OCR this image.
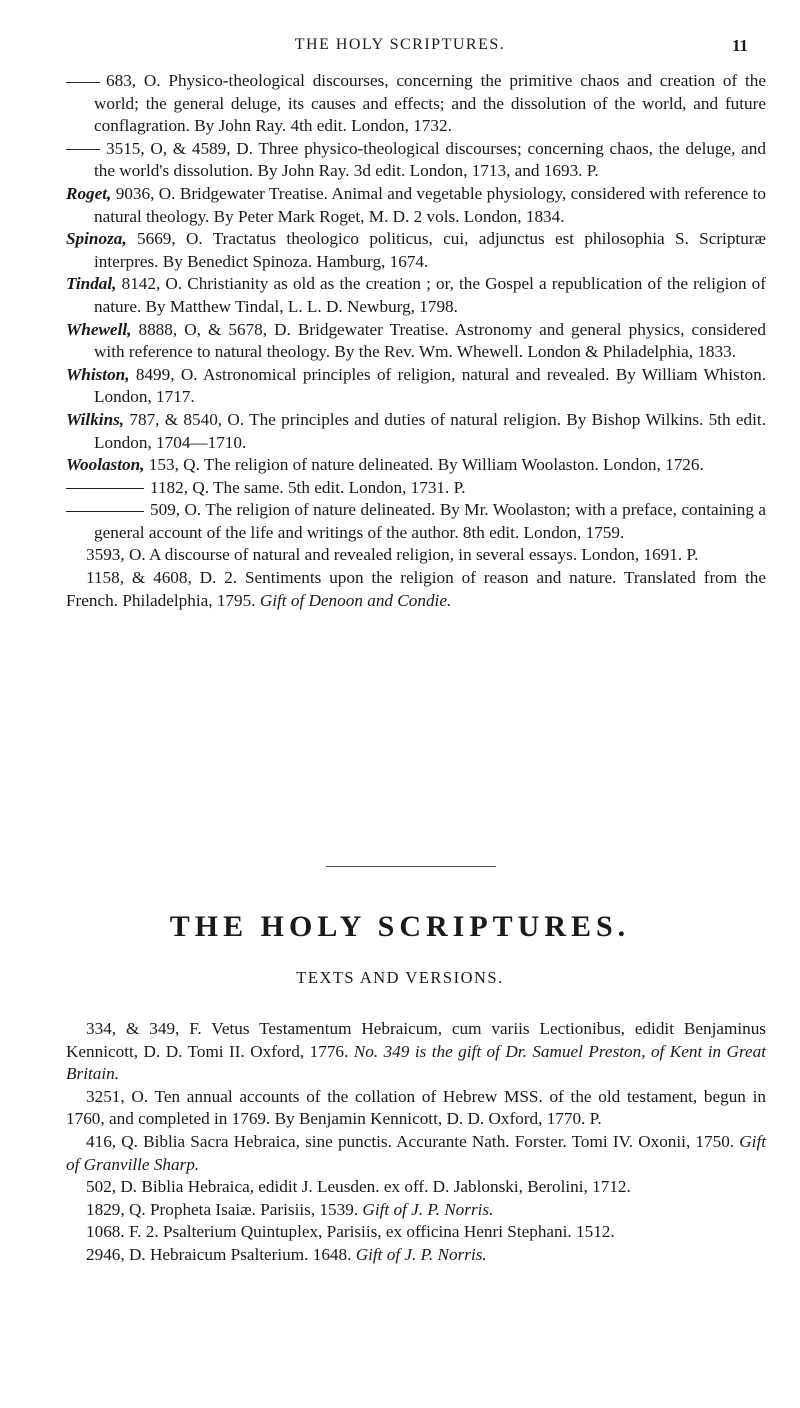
THE HOLY SCRIPTURES.	11

683, O. Physico-theological discourses, concerning the primitive chaos and creation of the world; the general deluge, its causes and effects; and the dissolution of the world, and future conflagration. By John Ray. 4th edit. London, 1732.

3515, O, & 4589, D. Three physico-theological discourses; concerning chaos, the deluge, and the world's dissolution. By John Ray. 3d edit. London, 1713, and 1693. P.

Roget, 9036, O. Bridgewater Treatise. Animal and vegetable physiology, considered with reference to natural theology. By Peter Mark Roget, M. D. 2 vols. London, 1834.

Spinoza, 5669, O. Tractatus theologico politicus, cui, adjunctus est philosophia S. Scripturæ interpres. By Benedict Spinoza. Hamburg, 1674.

Tindal, 8142, O. Christianity as old as the creation ; or, the Gospel a republication of the religion of nature. By Matthew Tindal, L. L. D. Newburg, 1798.

Whewell, 8888, O, & 5678, D. Bridgewater Treatise. Astronomy and general physics, considered with reference to natural theology. By the Rev. Wm. Whewell. London & Philadelphia, 1833.

Whiston, 8499, O. Astronomical principles of religion, natural and revealed. By William Whiston. London, 1717.

Wilkins, 787, & 8540, O. The principles and duties of natural religion. By Bishop Wilkins. 5th edit. London, 1704—1710.

Woolaston, 153, Q. The religion of nature delineated. By William Woolaston. London, 1726.

1182, Q. The same. 5th edit. London, 1731. P.

509, O. The religion of nature delineated. By Mr. Woolaston; with a preface, containing a general account of the life and writings of the author. 8th edit. London, 1759.

3593, O. A discourse of natural and revealed religion, in several essays. London, 1691. P.

1158, & 4608, D. 2. Sentiments upon the religion of reason and nature. Translated from the French. Philadelphia, 1795. Gift of Denoon and Condie.

THE HOLY SCRIPTURES.
TEXTS AND VERSIONS.

334, & 349, F. Vetus Testamentum Hebraicum, cum variis Lectionibus, edidit Benjaminus Kennicott, D. D. Tomi II. Oxford, 1776. No. 349 is the gift of Dr. Samuel Preston, of Kent in Great Britain.

3251, O. Ten annual accounts of the collation of Hebrew MSS. of the old testament, begun in 1760, and completed in 1769. By Benjamin Kennicott, D. D. Oxford, 1770. P.

416, Q. Biblia Sacra Hebraica, sine punctis. Accurante Nath. Forster. Tomi IV. Oxonii, 1750. Gift of Granville Sharp.

502, D. Biblia Hebraica, edidit J. Leusden. ex off. D. Jablonski, Berolini, 1712.

1829, Q. Propheta Isaiæ. Parisiis, 1539. Gift of J. P. Norris.

1068. F. 2. Psalterium Quintuplex, Parisiis, ex officina Henri Stephani. 1512.

2946, D. Hebraicum Psalterium. 1648. Gift of J. P. Norris.
